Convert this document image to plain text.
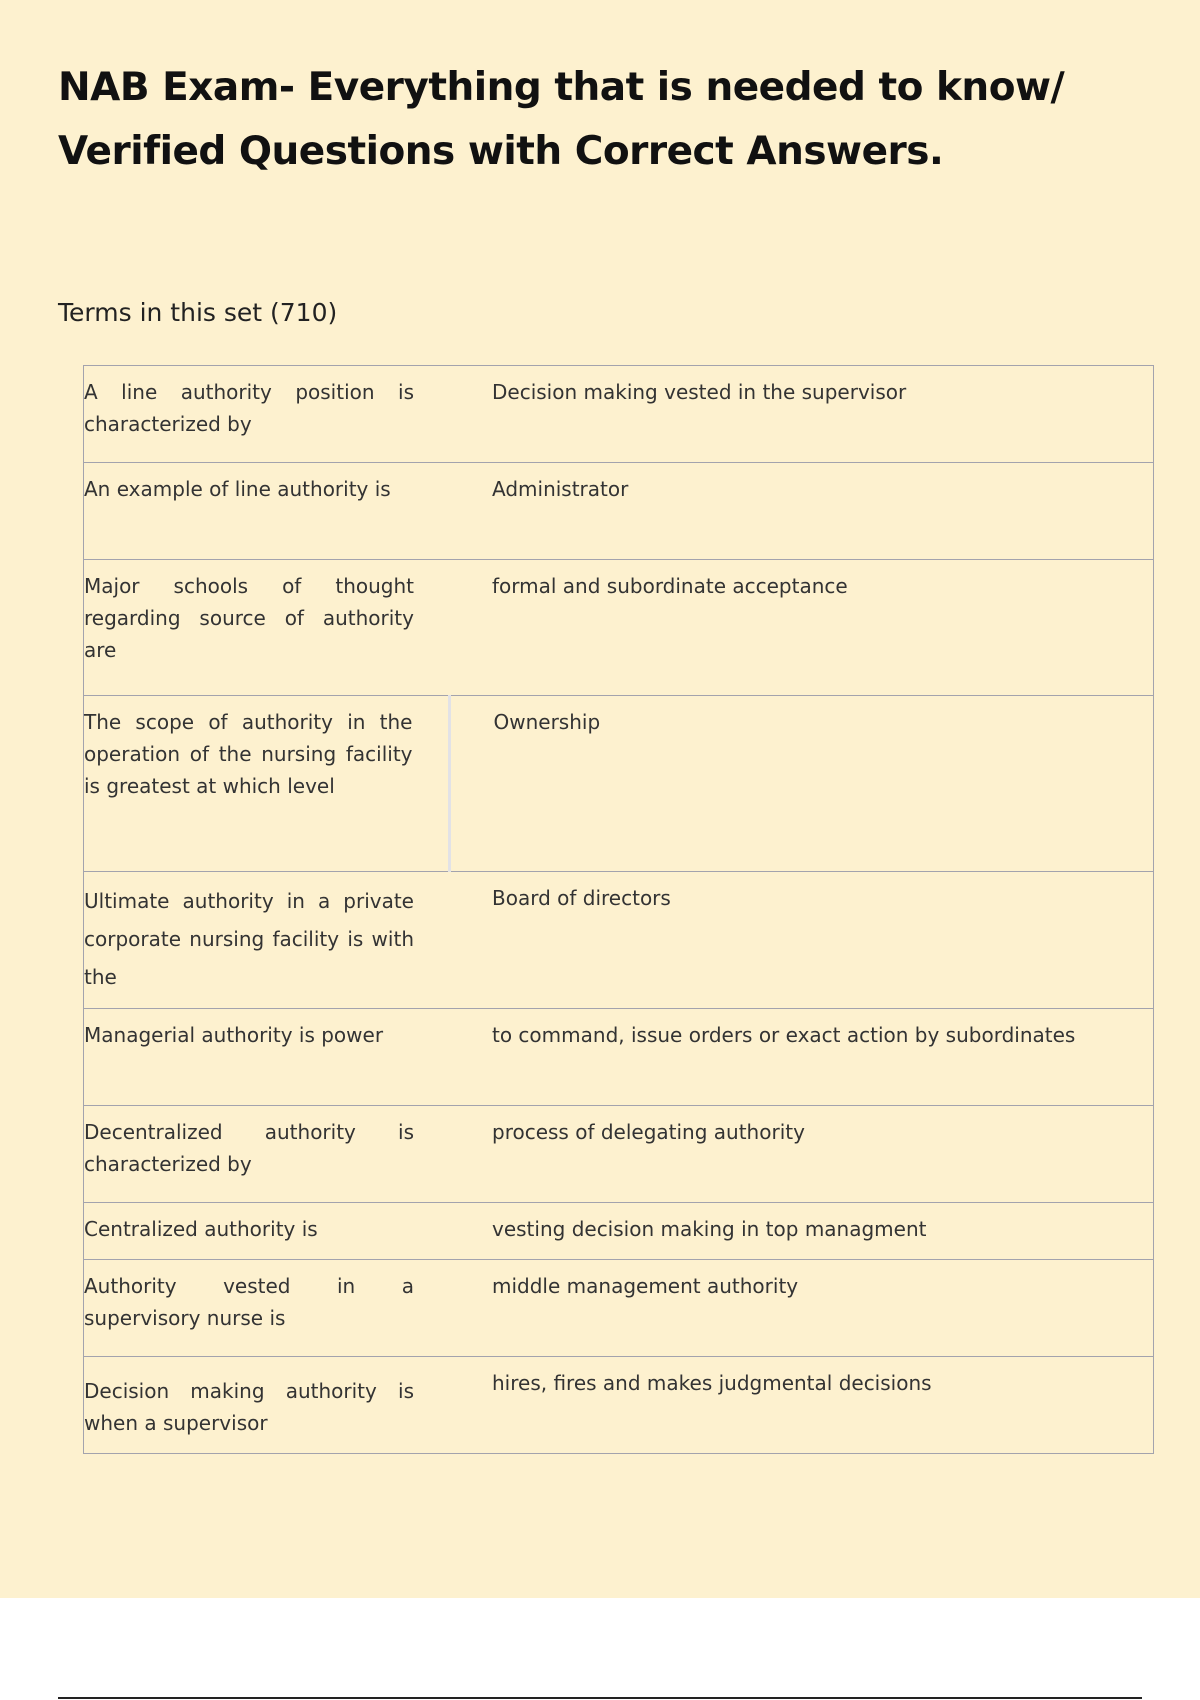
NAB Exam- Everything that is needed to know/
Verified Questions with Correct Answers.
Terms in this set (710)
A line authority position is characterized by	Decision making vested in the supervisor
An example of line authority is	Administrator
Major schools of thought regarding source of authority are	formal and subordinate acceptance
The scope of authority in the operation of the nursing facility is greatest at which level	Ownership
Ultimate authority in a private corporate nursing facility is with the	Board of directors
Managerial authority is power	to command, issue orders or exact action by subordinates
Decentralized authority is characterized by	process of delegating authority
Centralized authority is	vesting decision making in top managment
Authority vested in a supervisory nurse is	middle management authority
Decision making authority is when a supervisor	hires, fires and makes judgmental decisions
